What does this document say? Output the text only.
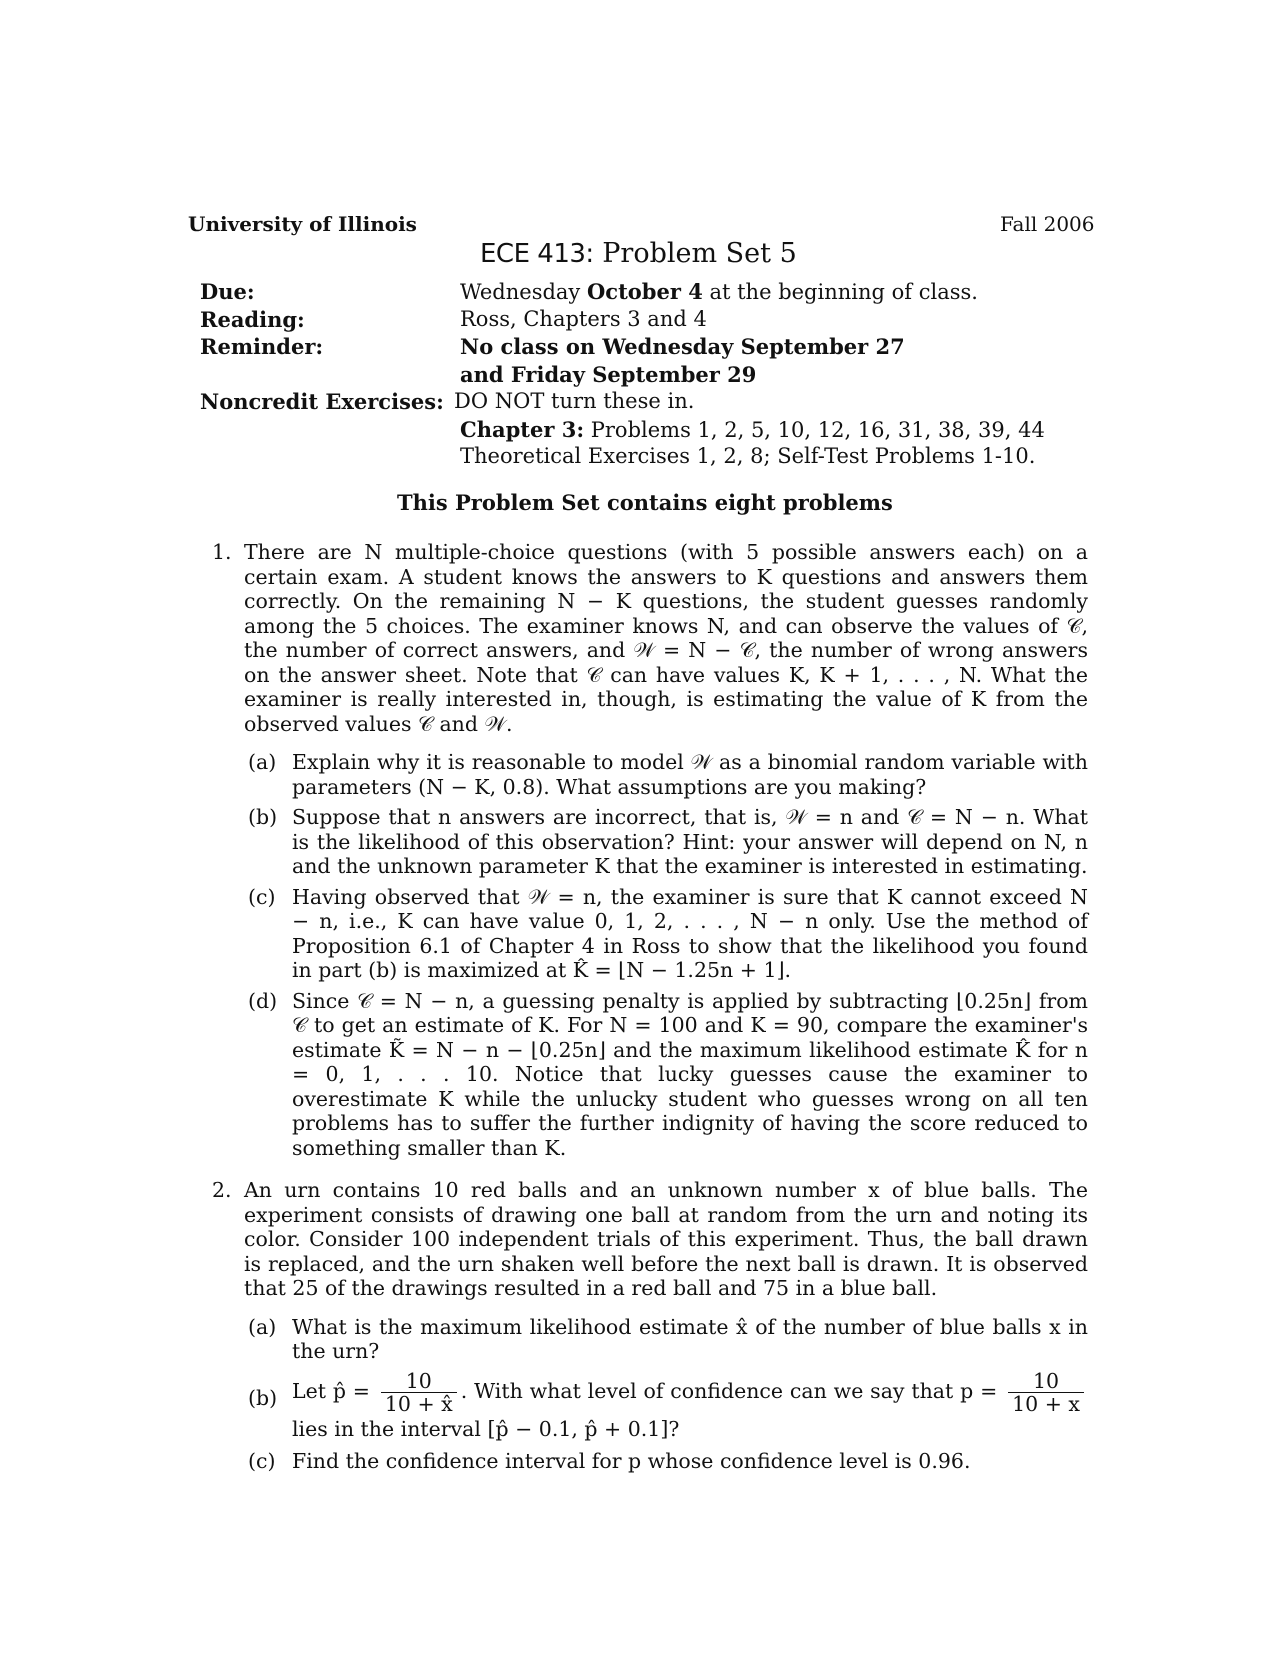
University of Illinois	Fall 2006
ECE 413: Problem Set 5
Due:	Wednesday October 4 at the beginning of class.
Reading:	Ross, Chapters 3 and 4
Reminder:	No class on Wednesday September 27
and Friday September 29
Noncredit Exercises: DO NOT turn these in.
Chapter 3: Problems 1, 2, 5, 10, 12, 16, 31, 38, 39, 44
Theoretical Exercises 1, 2, 8; Self-Test Problems 1-10.
This Problem Set contains eight problems
1. There are N multiple-choice questions (with 5 possible answers each) on a certain exam. A student knows the answers to K questions and answers them correctly. On the remaining N − K questions, the student guesses randomly among the 5 choices. The examiner knows N, and can observe the values of 𝒞, the number of correct answers, and 𝒲 = N − 𝒞, the number of wrong answers on the answer sheet. Note that 𝒞 can have values K, K + 1, . . . , N. What the examiner is really interested in, though, is estimating the value of K from the observed values 𝒞 and 𝒲.
(a) Explain why it is reasonable to model 𝒲 as a binomial random variable with parameters (N − K, 0.8). What assumptions are you making?
(b) Suppose that n answers are incorrect, that is, 𝒲 = n and 𝒞 = N − n. What is the likelihood of this observation? Hint: your answer will depend on N, n and the unknown parameter K that the examiner is interested in estimating.
(c) Having observed that 𝒲 = n, the examiner is sure that K cannot exceed N − n, i.e., K can have value 0, 1, 2, . . . , N − n only. Use the method of Proposition 6.1 of Chapter 4 in Ross to show that the likelihood you found in part (b) is maximized at K̂ = ⌊N − 1.25n + 1⌋.
(d) Since 𝒞 = N − n, a guessing penalty is applied by subtracting ⌊0.25n⌋ from 𝒞 to get an estimate of K. For N = 100 and K = 90, compare the examiner's estimate K̃ = N − n − ⌊0.25n⌋ and the maximum likelihood estimate K̂ for n = 0, 1, . . . 10. Notice that lucky guesses cause the examiner to overestimate K while the unlucky student who guesses wrong on all ten problems has to suffer the further indignity of having the score reduced to something smaller than K.
2. An urn contains 10 red balls and an unknown number x of blue balls. The experiment consists of drawing one ball at random from the urn and noting its color. Consider 100 independent trials of this experiment. Thus, the ball drawn is replaced, and the urn shaken well before the next ball is drawn. It is observed that 25 of the drawings resulted in a red ball and 75 in a blue ball.
(a) What is the maximum likelihood estimate x̂ of the number of blue balls x in the urn?
(b) Let p̂ = $\frac{10}{10 + x̂}$ . With what level of confidence can we say that $p = \frac{10}{10 + x}$
lies in the interval [p̂ − 0.1, p̂ + 0.1]?
(c) Find the confidence interval for p whose confidence level is 0.96.
